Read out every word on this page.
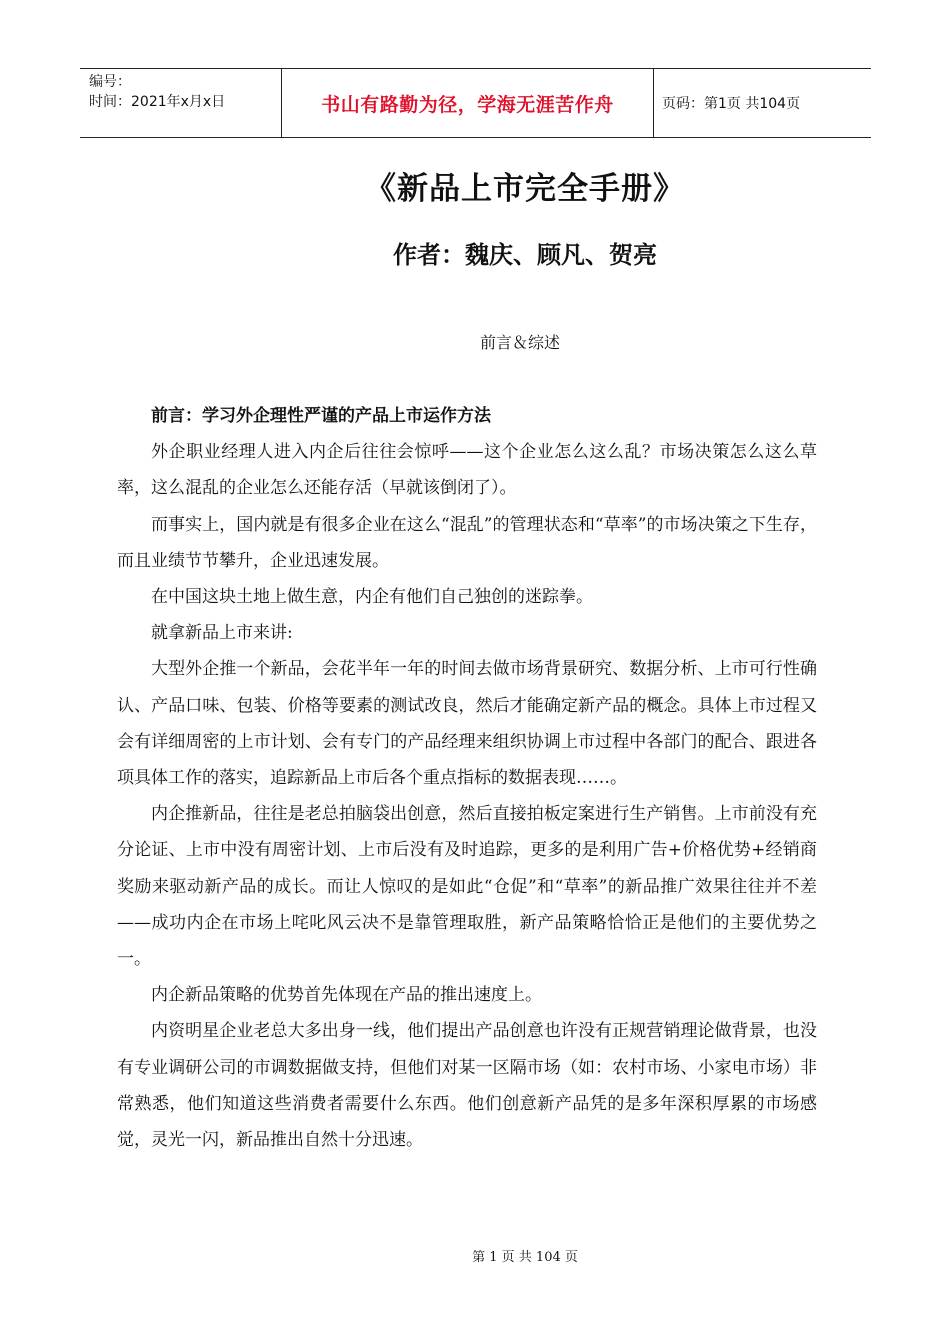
编号：
时间：2021年x月x日	书山有路勤为径，学海无涯苦作舟	页码：第1页 共104页
《新品上市完全手册》
作者：魏庆、顾凡、贺亮
前言＆综述

前言：学习外企理性严谨的产品上市运作方法

外企职业经理人进入内企后往往会惊呼——这个企业怎么这么乱？市场决策怎么这么草率，这么混乱的企业怎么还能存活（早就该倒闭了）。

而事实上，国内就是有很多企业在这么“混乱”的管理状态和“草率”的市场决策之下生存，而且业绩节节攀升，企业迅速发展。

在中国这块土地上做生意，内企有他们自己独创的迷踪拳。

就拿新品上市来讲:

大型外企推一个新品，会花半年一年的时间去做市场背景研究、数据分析、上市可行性确认、产品口味、包装、价格等要素的测试改良，然后才能确定新产品的概念。具体上市过程又会有详细周密的上市计划、会有专门的产品经理来组织协调上市过程中各部门的配合、跟进各项具体工作的落实，追踪新品上市后各个重点指标的数据表现……。

内企推新品，往往是老总拍脑袋出创意，然后直接拍板定案进行生产销售。上市前没有充分论证、上市中没有周密计划、上市后没有及时追踪，更多的是利用广告+价格优势+经销商奖励来驱动新产品的成长。而让人惊叹的是如此“仓促”和“草率”的新品推广效果往往并不差——成功内企在市场上咤叱风云决不是靠管理取胜，新产品策略恰恰正是他们的主要优势之一。

内企新品策略的优势首先体现在产品的推出速度上。

内资明星企业老总大多出身一线，他们提出产品创意也许没有正规营销理论做背景，也没有专业调研公司的市调数据做支持，但他们对某一区隔市场（如：农村市场、小家电市场）非常熟悉，他们知道这些消费者需要什么东西。他们创意新产品凭的是多年深积厚累的市场感觉，灵光一闪，新品推出自然十分迅速。

第 1 页 共 104 页
